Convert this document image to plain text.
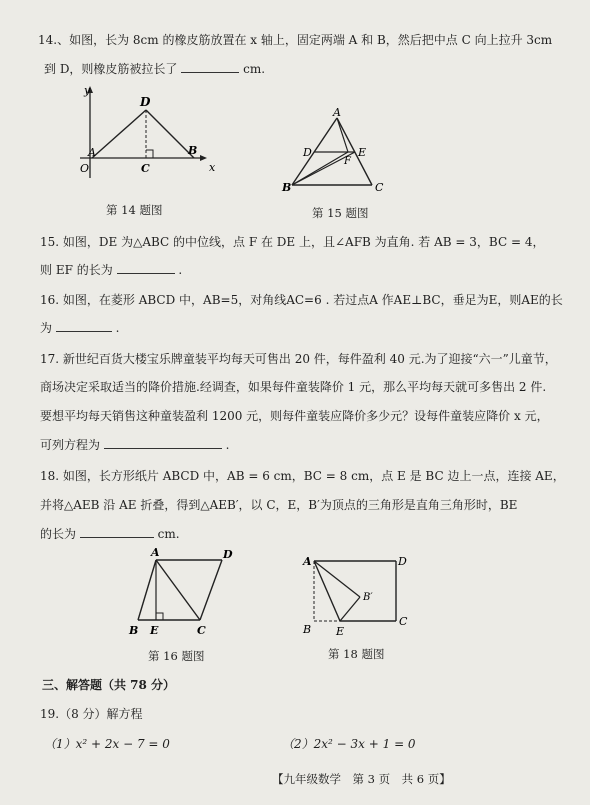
14.、如图，长为 8cm 的橡皮筋放置在 x 轴上，固定两端 A 和 B，然后把中点 C 向上拉升 3cm
到 D，则橡皮筋被拉长了	cm.
y
x
D
A
O	C
B
第 14 题图
A
D	E
F
B	C
第 15 题图
15. 如图，DE 为△ABC 的中位线，点 F 在 DE 上，且∠AFB 为直角. 若 AB = 3，BC = 4，
则 EF 的长为	.
16. 如图，在菱形 ABCD 中，AB=5，对角线AC=6 . 若过点A 作AE⊥BC，垂足为E，则AE的长
为	.
17. 新世纪百货大楼宝乐牌童装平均每天可售出 20 件，每件盈利 40 元.为了迎接“六一”儿童节，
商场决定采取适当的降价措施.经调查，如果每件童装降价 1 元，那么平均每天就可多售出 2 件.
要想平均每天销售这种童装盈利 1200 元，则每件童装应降价多少元？设每件童装应降价 x 元，
可列方程为	.
18. 如图，长方形纸片 ABCD 中，AB = 6 cm，BC = 8 cm，点 E 是 BC 边上一点，连接 AE，
并将△AEB 沿 AE 折叠，得到△AEB′，以 C，E，B′为顶点的三角形是直角三角形时，BE
的长为	cm.
A	D
B E	C
第 16 题图
A	D
B′
B E
C
第 18 题图
三、解答题（共 78 分）
19.（8 分）解方程
（1）x² + 2x − 7 = 0	（2）2x² − 3x + 1 = 0
【九年级数学　第 3 页　共 6 页】
